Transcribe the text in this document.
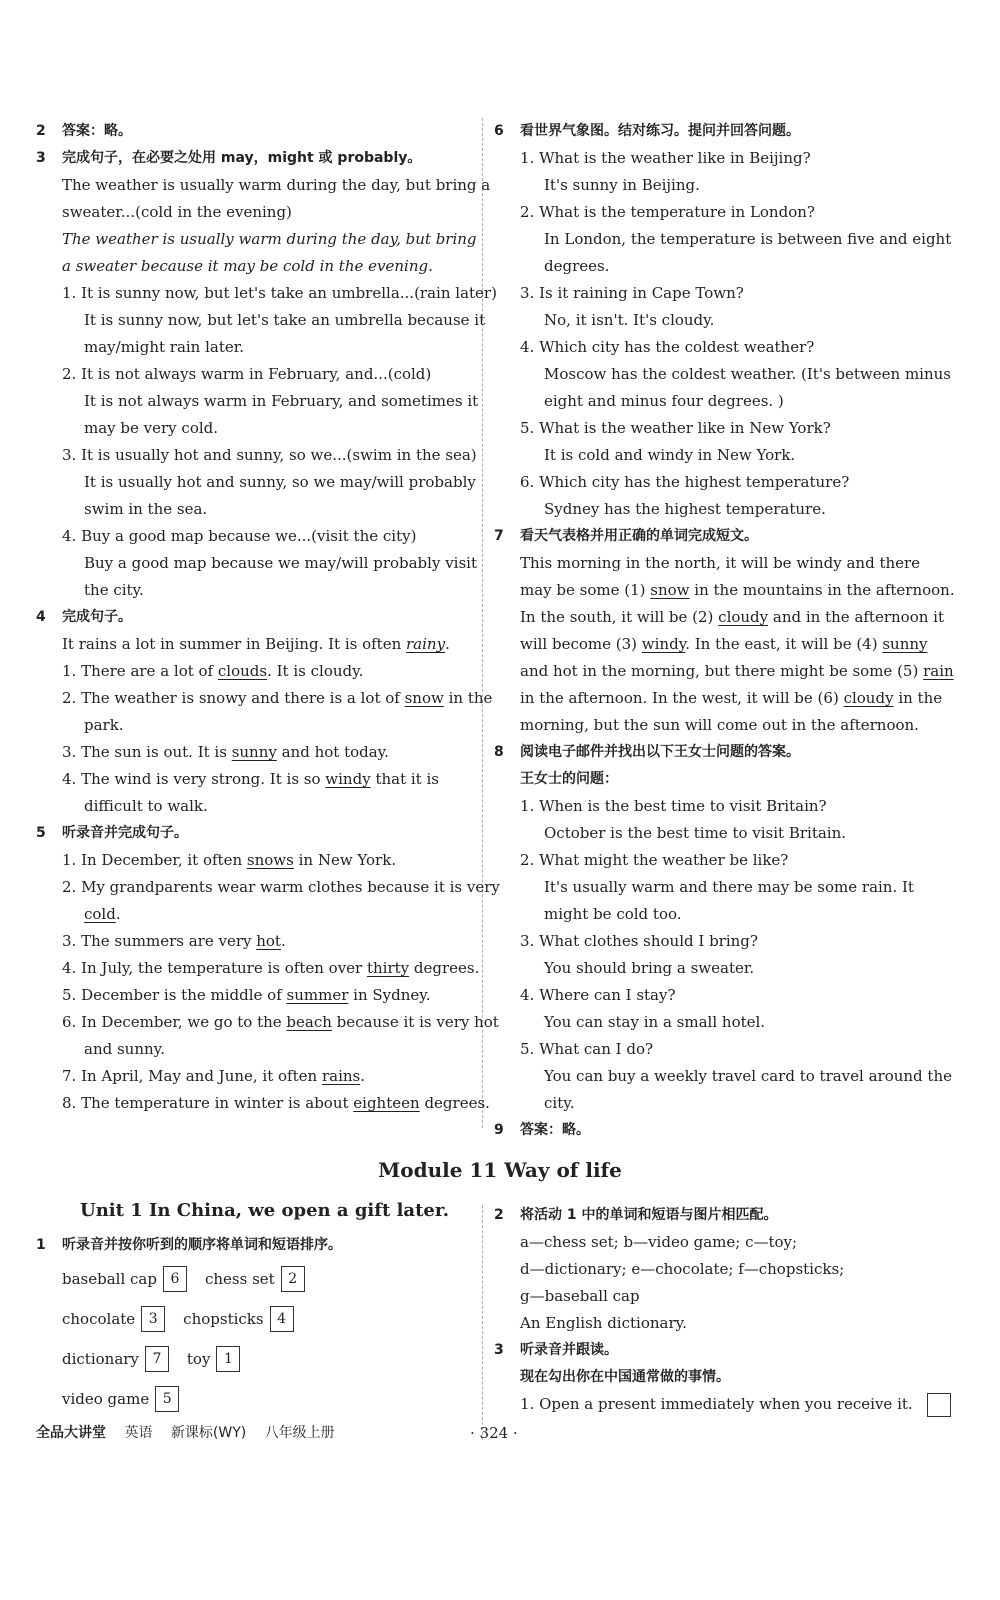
2 答案：略。
3 完成句子，在必要之处用 may，might 或 probably。
The weather is usually warm during the day, but bring a
sweater...(cold in the evening)
The weather is usually warm during the day, but bring
a sweater because it may be cold in the evening.
1. It is sunny now, but let's take an umbrella...(rain later)
It is sunny now, but let's take an umbrella because it
may/might rain later.
2. It is not always warm in February, and...(cold)
It is not always warm in February, and sometimes it
may be very cold.
3. It is usually hot and sunny, so we...(swim in the sea)
It is usually hot and sunny, so we may/will probably
swim in the sea.
4. Buy a good map because we...(visit the city)
Buy a good map because we may/will probably visit
the city.
4 完成句子。
It rains a lot in summer in Beijing. It is often rainy.
1. There are a lot of clouds. It is cloudy.
2. The weather is snowy and there is a lot of snow in the
park.
3. The sun is out. It is sunny and hot today.
4. The wind is very strong. It is so windy that it is
difficult to walk.
5 听录音并完成句子。
1. In December, it often snows in New York.
2. My grandparents wear warm clothes because it is very
cold.
3. The summers are very hot.
4. In July, the temperature is often over thirty degrees.
5. December is the middle of summer in Sydney.
6. In December, we go to the beach because it is very hot
and sunny.
7. In April, May and June, it often rains.
8. The temperature in winter is about eighteen degrees.
6 看世界气象图。结对练习。提问并回答问题。
1. What is the weather like in Beijing?
It's sunny in Beijing.
2. What is the temperature in London?
In London, the temperature is between five and eight
degrees.
3. Is it raining in Cape Town?
No, it isn't. It's cloudy.
4. Which city has the coldest weather?
Moscow has the coldest weather. (It's between minus
eight and minus four degrees. )
5. What is the weather like in New York?
It is cold and windy in New York.
6. Which city has the highest temperature?
Sydney has the highest temperature.
7 看天气表格并用正确的单词完成短文。
This morning in the north, it will be windy and there
may be some (1) snow in the mountains in the afternoon.
In the south, it will be (2) cloudy and in the afternoon it
will become (3) windy. In the east, it will be (4) sunny
and hot in the morning, but there might be some (5) rain
in the afternoon. In the west, it will be (6) cloudy in the
morning, but the sun will come out in the afternoon.
8 阅读电子邮件并找出以下王女士问题的答案。
王女士的问题：
1. When is the best time to visit Britain?
October is the best time to visit Britain.
2. What might the weather be like?
It's usually warm and there may be some rain. It
might be cold too.
3. What clothes should I bring?
You should bring a sweater.
4. Where can I stay?
You can stay in a small hotel.
5. What can I do?
You can buy a weekly travel card to travel around the
city.
9 答案：略。
Module 11 Way of life
Unit 1 In China, we open a gift later.
1 听录音并按你听到的顺序将单词和短语排序。
baseball cap 6	chess set 2
chocolate 3	chopsticks 4
dictionary 7	toy 1
video game 5
2 将活动 1 中的单词和短语与图片相匹配。
a—chess set; b—video game; c—toy;
d—dictionary; e—chocolate; f—chopsticks;
g—baseball cap
An English dictionary.
3 听录音并跟读。
现在勾出你在中国通常做的事情。
1. Open a present immediately when you receive it.
全品大讲堂 英语 新课标(WY) 八年级上册	· 324 ·
